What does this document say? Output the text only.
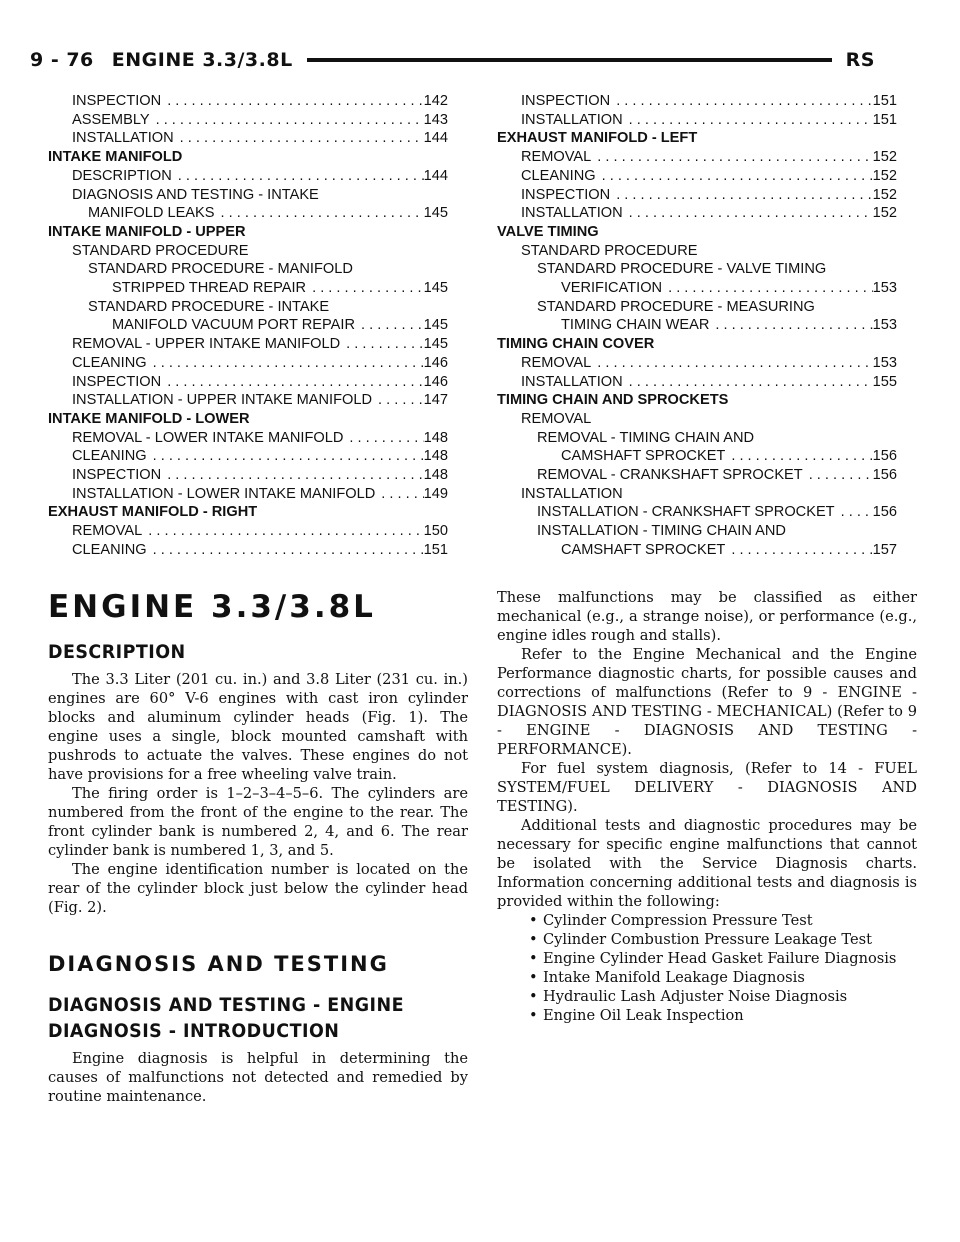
9 - 76 ENGINE 3.3/3.8L	RS
INSPECTION . . .	142
ASSEMBLY . . .	143
INSTALLATION . . .	144
INTAKE MANIFOLD
DESCRIPTION . . .	144
DIAGNOSIS AND TESTING - INTAKE
MANIFOLD LEAKS . . .	145
INTAKE MANIFOLD - UPPER
STANDARD PROCEDURE
STANDARD PROCEDURE - MANIFOLD
STRIPPED THREAD REPAIR . . .	145
STANDARD PROCEDURE - INTAKE
MANIFOLD VACUUM PORT REPAIR . . .	145
REMOVAL - UPPER INTAKE MANIFOLD . . .	145
CLEANING . . .	146
INSPECTION . . .	146
INSTALLATION - UPPER INTAKE MANIFOLD . . .	147
INTAKE MANIFOLD - LOWER
REMOVAL - LOWER INTAKE MANIFOLD . . .	148
CLEANING . . .	148
INSPECTION . . .	148
INSTALLATION - LOWER INTAKE MANIFOLD . . .	149
EXHAUST MANIFOLD - RIGHT
REMOVAL . . .	150
CLEANING . . .	151
INSPECTION . . .	151
INSTALLATION . . .	151
EXHAUST MANIFOLD - LEFT
REMOVAL . . .	152
CLEANING . . .	152
INSPECTION . . .	152
INSTALLATION . . .	152
VALVE TIMING
STANDARD PROCEDURE
STANDARD PROCEDURE - VALVE TIMING
VERIFICATION . . .	153
STANDARD PROCEDURE - MEASURING
TIMING CHAIN WEAR . . .	153
TIMING CHAIN COVER
REMOVAL . . .	153
INSTALLATION . . .	155
TIMING CHAIN AND SPROCKETS
REMOVAL
REMOVAL - TIMING CHAIN AND
CAMSHAFT SPROCKET . . .	156
REMOVAL - CRANKSHAFT SPROCKET . . .	156
INSTALLATION
INSTALLATION - CRANKSHAFT SPROCKET . . .	156
INSTALLATION - TIMING CHAIN AND
CAMSHAFT SPROCKET . . .	157
ENGINE 3.3/3.8L
DESCRIPTION

The 3.3 Liter (201 cu. in.) and 3.8 Liter (231 cu. in.) engines are 60° V-6 engines with cast iron cylinder blocks and aluminum cylinder heads (Fig. 1). The engine uses a single, block mounted camshaft with pushrods to actuate the valves. These engines do not have provisions for a free wheeling valve train.

The firing order is 1–2–3–4–5–6. The cylinders are numbered from the front of the engine to the rear. The front cylinder bank is numbered 2, 4, and 6. The rear cylinder bank is numbered 1, 3, and 5.

The engine identification number is located on the rear of the cylinder block just below the cylinder head (Fig. 2).

DIAGNOSIS AND TESTING
DIAGNOSIS AND TESTING - ENGINE
DIAGNOSIS - INTRODUCTION

Engine diagnosis is helpful in determining the causes of malfunctions not detected and remedied by routine maintenance.

These malfunctions may be classified as either mechanical (e.g., a strange noise), or performance (e.g., engine idles rough and stalls).

Refer to the Engine Mechanical and the Engine Performance diagnostic charts, for possible causes and corrections of malfunctions (Refer to 9 - ENGINE - DIAGNOSIS AND TESTING - MECHANICAL) (Refer to 9 - ENGINE - DIAGNOSIS AND TESTING - PERFORMANCE).

For fuel system diagnosis, (Refer to 14 - FUEL SYSTEM/FUEL DELIVERY - DIAGNOSIS AND TESTING).

Additional tests and diagnostic procedures may be necessary for specific engine malfunctions that cannot be isolated with the Service Diagnosis charts. Information concerning additional tests and diagnosis is provided within the following:

• Cylinder Compression Pressure Test
• Cylinder Combustion Pressure Leakage Test
• Engine Cylinder Head Gasket Failure Diagnosis
• Intake Manifold Leakage Diagnosis
• Hydraulic Lash Adjuster Noise Diagnosis
• Engine Oil Leak Inspection
